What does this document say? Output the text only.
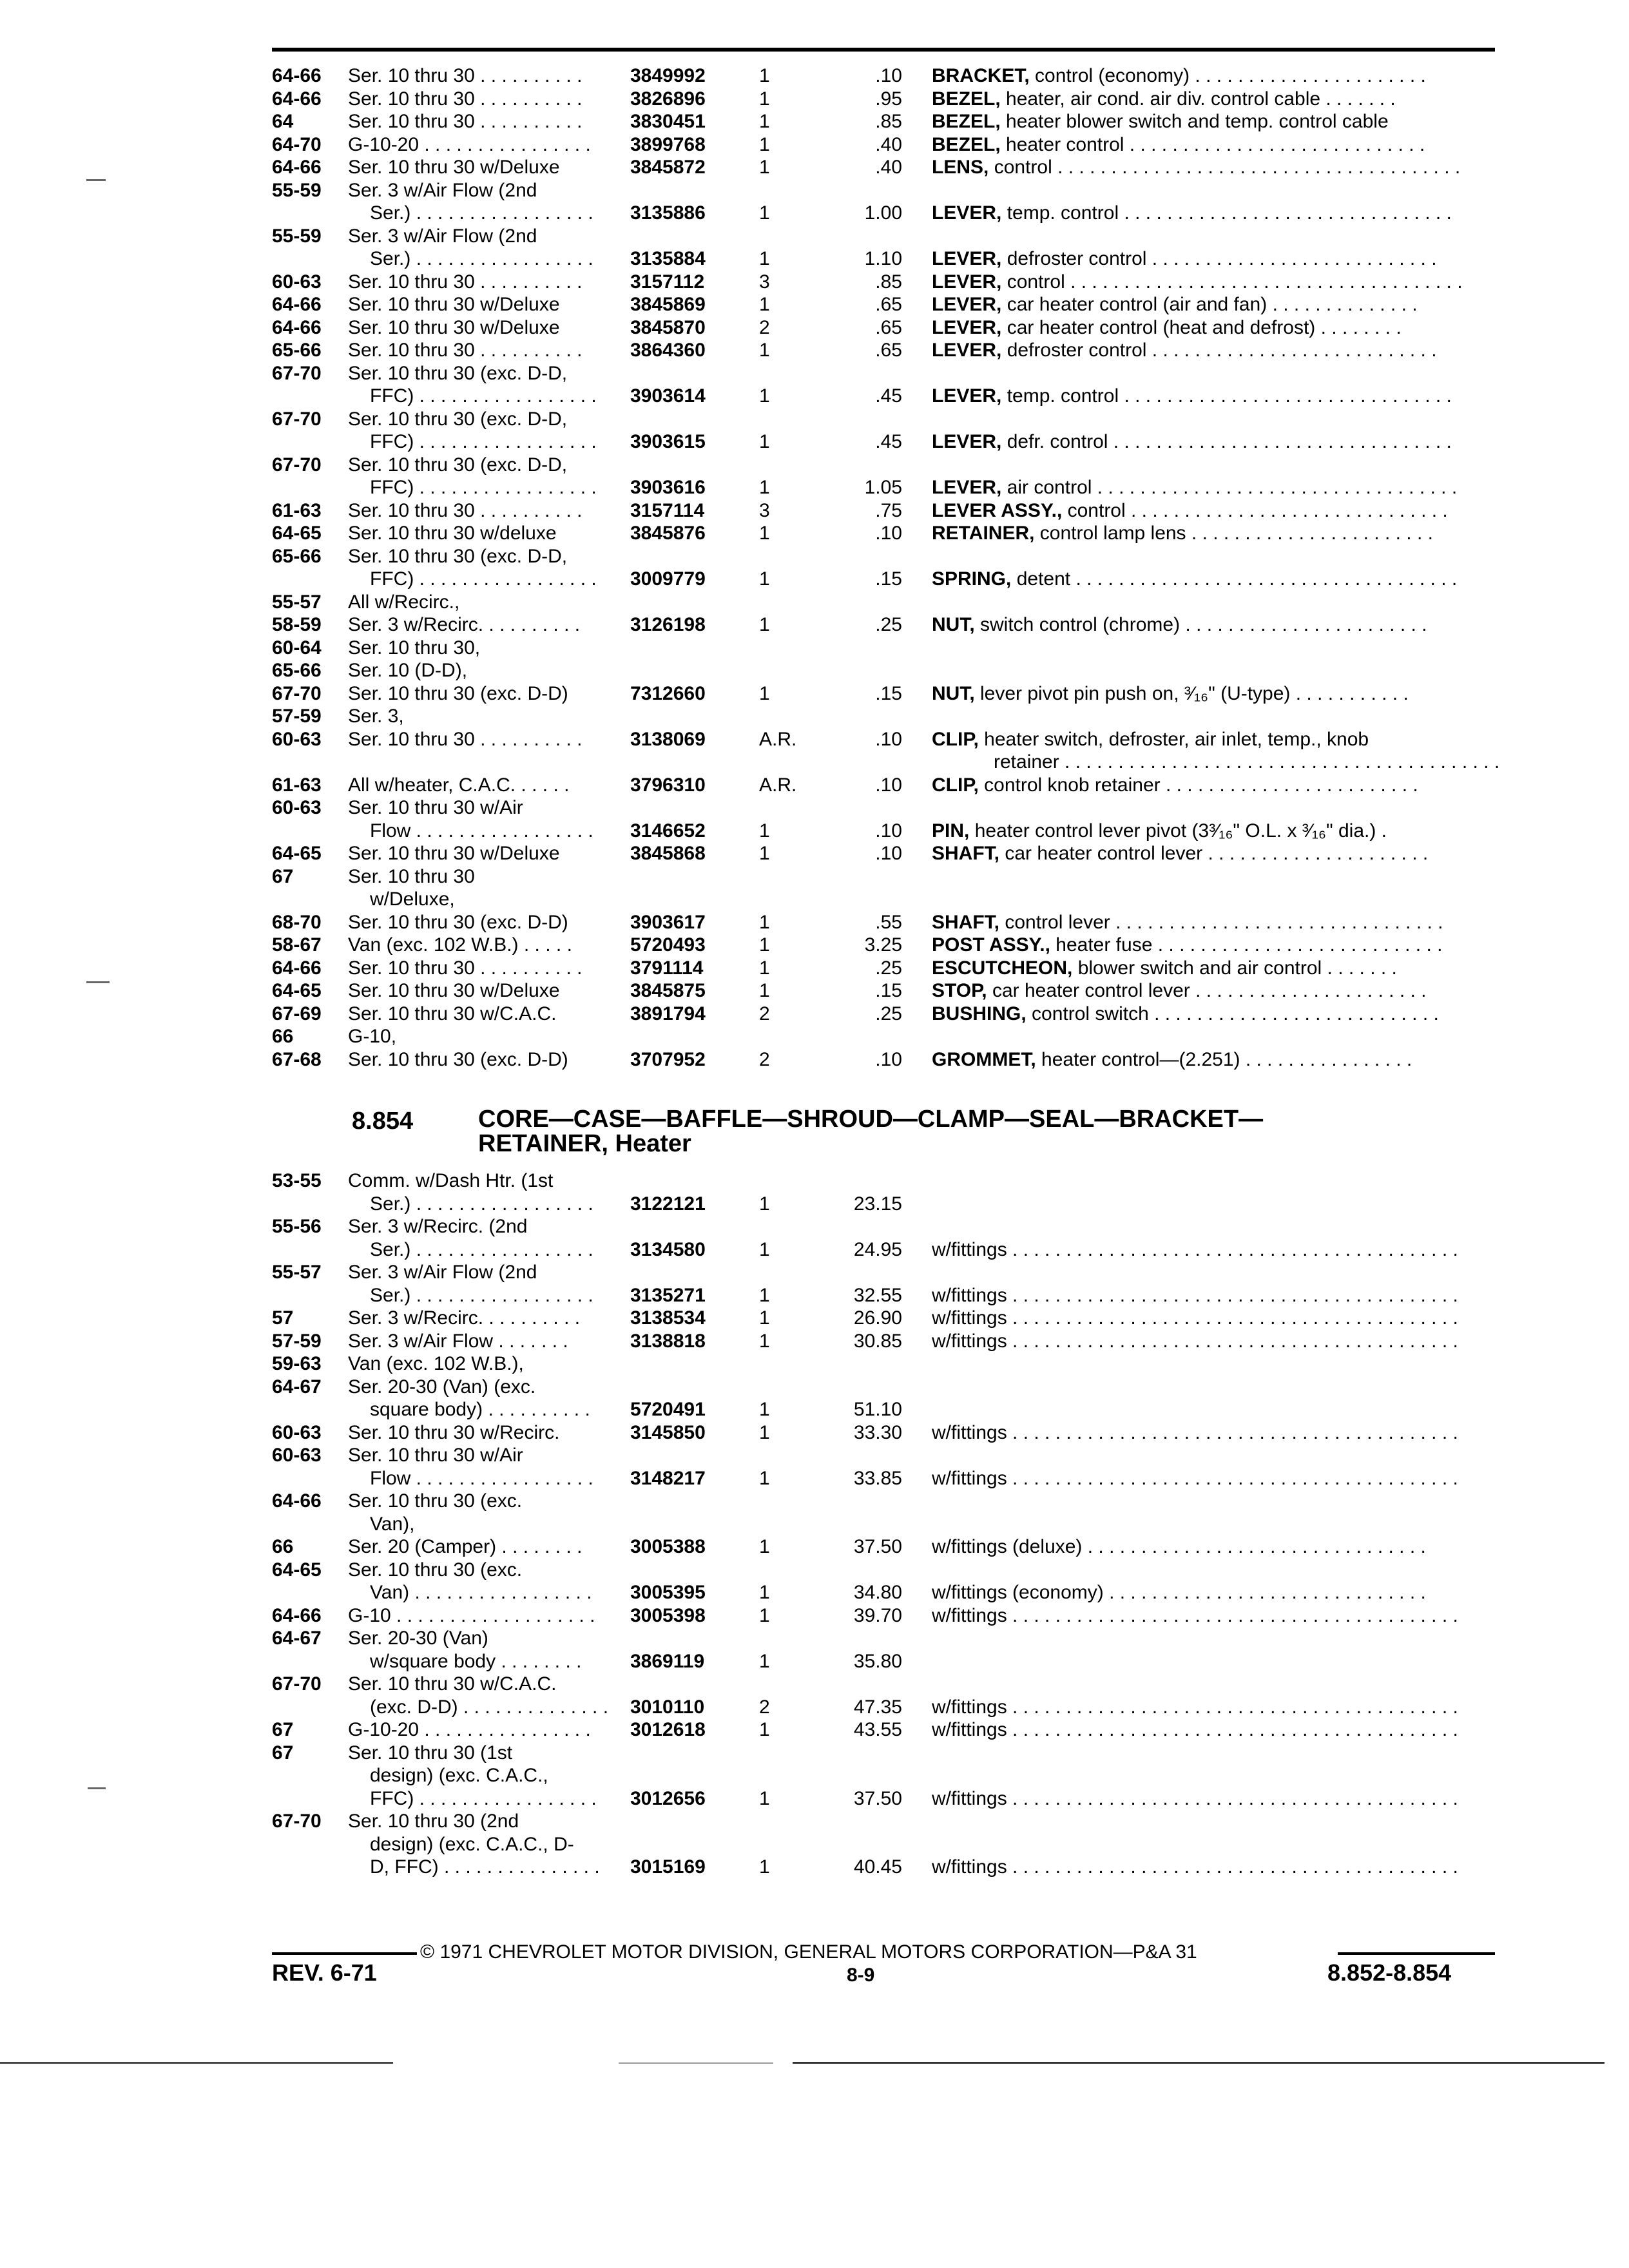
64-66	Ser. 10 thru 30 . . . . . . . . . .	3849992	1	.10 BRACKET, control (economy) . . . . . . . . . . . . . . . . . . . . . .
64-66	Ser. 10 thru 30 . . . . . . . . . .	3826896	1	.95 BEZEL, heater, air cond. air div. control cable . . . . . . .
64	Ser. 10 thru 30 . . . . . . . . . .	3830451	1	.85 BEZEL, heater blower switch and temp. control cable
64-70	G-10-20 . . . . . . . . . . . . . . . .	3899768	1	.40 BEZEL, heater control . . . . . . . . . . . . . . . . . . . . . . . . . . . .
64-66	Ser. 10 thru 30 w/Deluxe	3845872	1	.40 LENS, control . . . . . . . . . . . . . . . . . . . . . . . . . . . . . . . . . . . . . .
55-59	Ser. 3 w/Air Flow (2nd
Ser.) . . . . . . . . . . . . . . . . .	3135886	1	1.00 LEVER, temp. control . . . . . . . . . . . . . . . . . . . . . . . . . . . . . . .
55-59	Ser. 3 w/Air Flow (2nd
Ser.) . . . . . . . . . . . . . . . . .	3135884	1	1.10 LEVER, defroster control . . . . . . . . . . . . . . . . . . . . . . . . . . .
60-63	Ser. 10 thru 30 . . . . . . . . . .	3157112	3	.85 LEVER, control . . . . . . . . . . . . . . . . . . . . . . . . . . . . . . . . . . . . .
64-66	Ser. 10 thru 30 w/Deluxe	3845869	1	.65 LEVER, car heater control (air and fan) . . . . . . . . . . . . . .
64-66	Ser. 10 thru 30 w/Deluxe	3845870	2	.65 LEVER, car heater control (heat and defrost) . . . . . . . .
65-66	Ser. 10 thru 30 . . . . . . . . . .	3864360	1	.65 LEVER, defroster control . . . . . . . . . . . . . . . . . . . . . . . . . . .
67-70	Ser. 10 thru 30 (exc. D-D,
FFC) . . . . . . . . . . . . . . . . .	3903614	1	.45 LEVER, temp. control . . . . . . . . . . . . . . . . . . . . . . . . . . . . . . .
67-70	Ser. 10 thru 30 (exc. D-D,
FFC) . . . . . . . . . . . . . . . . .	3903615	1	.45 LEVER, defr. control . . . . . . . . . . . . . . . . . . . . . . . . . . . . . . . .
67-70	Ser. 10 thru 30 (exc. D-D,
FFC) . . . . . . . . . . . . . . . . .	3903616	1	1.05 LEVER, air control . . . . . . . . . . . . . . . . . . . . . . . . . . . . . . . . . .
61-63	Ser. 10 thru 30 . . . . . . . . . .	3157114	3	.75 LEVER ASSY., control . . . . . . . . . . . . . . . . . . . . . . . . . . . . . .
64-65	Ser. 10 thru 30 w/deluxe	3845876	1	.10 RETAINER, control lamp lens . . . . . . . . . . . . . . . . . . . . . . .
65-66	Ser. 10 thru 30 (exc. D-D,
FFC) . . . . . . . . . . . . . . . . .	3009779	1	.15 SPRING, detent . . . . . . . . . . . . . . . . . . . . . . . . . . . . . . . . . . . .
55-57	All w/Recirc.,
58-59	Ser. 3 w/Recirc. . . . . . . . . .	3126198	1	.25 NUT, switch control (chrome) . . . . . . . . . . . . . . . . . . . . . . .
60-64	Ser. 10 thru 30,
65-66	Ser. 10 (D-D),
67-70	Ser. 10 thru 30 (exc. D-D)	7312660	1	.15 NUT, lever pivot pin push on, ³⁄₁₆" (U-type) . . . . . . . . . . .
57-59	Ser. 3,
60-63	Ser. 10 thru 30 . . . . . . . . . .	3138069	A.R.	.10 CLIP, heater switch, defroster, air inlet, temp., knob
retainer . . . . . . . . . . . . . . . . . . . . . . . . . . . . . . . . . . . . . . . . .
61-63	All w/heater, C.A.C. . . . . .	3796310	A.R.	.10 CLIP, control knob retainer . . . . . . . . . . . . . . . . . . . . . . . .
60-63	Ser. 10 thru 30 w/Air
Flow . . . . . . . . . . . . . . . . .	3146652	1	.10 PIN, heater control lever pivot (3³⁄₁₆" O.L. x ³⁄₁₆" dia.) .
64-65	Ser. 10 thru 30 w/Deluxe	3845868	1	.10 SHAFT, car heater control lever . . . . . . . . . . . . . . . . . . . . .
67	Ser. 10 thru 30
w/Deluxe,
68-70	Ser. 10 thru 30 (exc. D-D)	3903617	1	.55 SHAFT, control lever . . . . . . . . . . . . . . . . . . . . . . . . . . . . . . .
58-67	Van (exc. 102 W.B.) . . . . .	5720493	1	3.25 POST ASSY., heater fuse . . . . . . . . . . . . . . . . . . . . . . . . . . .
64-66	Ser. 10 thru 30 . . . . . . . . . .	3791114	1	.25 ESCUTCHEON, blower switch and air control . . . . . . .
64-65	Ser. 10 thru 30 w/Deluxe	3845875	1	.15 STOP, car heater control lever . . . . . . . . . . . . . . . . . . . . . .
67-69	Ser. 10 thru 30 w/C.A.C.	3891794	2	.25 BUSHING, control switch . . . . . . . . . . . . . . . . . . . . . . . . . . .
66	G-10,
67-68	Ser. 10 thru 30 (exc. D-D)	3707952	2	.10 GROMMET, heater control—(2.251) . . . . . . . . . . . . . . . .
8.854	CORE—CASE—BAFFLE—SHROUD—CLAMP—SEAL—BRACKET—
RETAINER, Heater
53-55	Comm. w/Dash Htr. (1st
Ser.) . . . . . . . . . . . . . . . . .	3122121	1	23.15
55-56	Ser. 3 w/Recirc. (2nd
Ser.) . . . . . . . . . . . . . . . . .	3134580	1	24.95 w/fittings . . . . . . . . . . . . . . . . . . . . . . . . . . . . . . . . . . . . . . . . . .
55-57	Ser. 3 w/Air Flow (2nd
Ser.) . . . . . . . . . . . . . . . . .	3135271	1	32.55 w/fittings . . . . . . . . . . . . . . . . . . . . . . . . . . . . . . . . . . . . . . . . . .
57	Ser. 3 w/Recirc. . . . . . . . . .	3138534	1	26.90 w/fittings . . . . . . . . . . . . . . . . . . . . . . . . . . . . . . . . . . . . . . . . . .
57-59	Ser. 3 w/Air Flow . . . . . . .	3138818	1	30.85 w/fittings . . . . . . . . . . . . . . . . . . . . . . . . . . . . . . . . . . . . . . . . . .
59-63	Van (exc. 102 W.B.),
64-67	Ser. 20-30 (Van) (exc.
square body) . . . . . . . . . .	5720491	1	51.10
60-63	Ser. 10 thru 30 w/Recirc.	3145850	1	33.30 w/fittings . . . . . . . . . . . . . . . . . . . . . . . . . . . . . . . . . . . . . . . . . .
60-63	Ser. 10 thru 30 w/Air
Flow . . . . . . . . . . . . . . . . .	3148217	1	33.85 w/fittings . . . . . . . . . . . . . . . . . . . . . . . . . . . . . . . . . . . . . . . . . .
64-66	Ser. 10 thru 30 (exc.
Van),
66	Ser. 20 (Camper) . . . . . . . .	3005388	1	37.50 w/fittings (deluxe) . . . . . . . . . . . . . . . . . . . . . . . . . . . . . . . .
64-65	Ser. 10 thru 30 (exc.
Van) . . . . . . . . . . . . . . . . .	3005395	1	34.80 w/fittings (economy) . . . . . . . . . . . . . . . . . . . . . . . . . . . . . .
64-66	G-10 . . . . . . . . . . . . . . . . . . .	3005398	1	39.70 w/fittings . . . . . . . . . . . . . . . . . . . . . . . . . . . . . . . . . . . . . . . . . .
64-67	Ser. 20-30 (Van)
w/square body . . . . . . . .	3869119	1	35.80
67-70	Ser. 10 thru 30 w/C.A.C.
(exc. D-D) . . . . . . . . . . . . . .	3010110	2	47.35 w/fittings . . . . . . . . . . . . . . . . . . . . . . . . . . . . . . . . . . . . . . . . . .
67	G-10-20 . . . . . . . . . . . . . . . .	3012618	1	43.55 w/fittings . . . . . . . . . . . . . . . . . . . . . . . . . . . . . . . . . . . . . . . . . .
67	Ser. 10 thru 30 (1st
design) (exc. C.A.C.,
FFC) . . . . . . . . . . . . . . . . .	3012656	1	37.50 w/fittings . . . . . . . . . . . . . . . . . . . . . . . . . . . . . . . . . . . . . . . . . .
67-70	Ser. 10 thru 30 (2nd
design) (exc. C.A.C., D-
D, FFC) . . . . . . . . . . . . . . .	3015169	1	40.45 w/fittings . . . . . . . . . . . . . . . . . . . . . . . . . . . . . . . . . . . . . . . . . .
© 1971 CHEVROLET MOTOR DIVISION, GENERAL MOTORS CORPORATION—P&A 31
REV. 6-71	8-9	8.852-8.854
